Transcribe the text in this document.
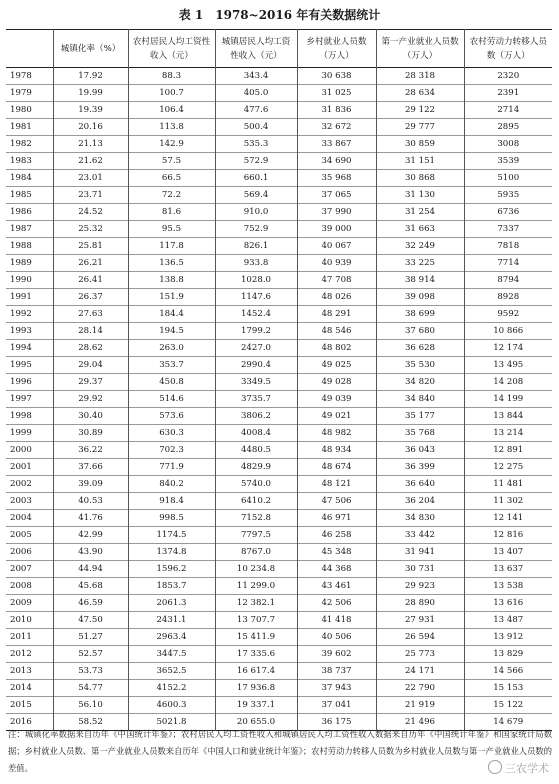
表 1　1978~2016 年有关数据统计
	城镇化率（%）	农村居民人均工资性收入（元）	城镇居民人均工资性收入（元）	乡村就业人员数（万人）	第一产业就业人员数（万人）	农村劳动力转移人员数（万人）
1978	17.92	88.3	343.4	30 638	28 318	2320
1979	19.99	100.7	405.0	31 025	28 634	2391
1980	19.39	106.4	477.6	31 836	29 122	2714
1981	20.16	113.8	500.4	32 672	29 777	2895
1982	21.13	142.9	535.3	33 867	30 859	3008
1983	21.62	57.5	572.9	34 690	31 151	3539
1984	23.01	66.5	660.1	35 968	30 868	5100
1985	23.71	72.2	569.4	37 065	31 130	5935
1986	24.52	81.6	910.0	37 990	31 254	6736
1987	25.32	95.5	752.9	39 000	31 663	7337
1988	25.81	117.8	826.1	40 067	32 249	7818
1989	26.21	136.5	933.8	40 939	33 225	7714
1990	26.41	138.8	1028.0	47 708	38 914	8794
1991	26.37	151.9	1147.6	48 026	39 098	8928
1992	27.63	184.4	1452.4	48 291	38 699	9592
1993	28.14	194.5	1799.2	48 546	37 680	10 866
1994	28.62	263.0	2427.0	48 802	36 628	12 174
1995	29.04	353.7	2990.4	49 025	35 530	13 495
1996	29.37	450.8	3349.5	49 028	34 820	14 208
1997	29.92	514.6	3735.7	49 039	34 840	14 199
1998	30.40	573.6	3806.2	49 021	35 177	13 844
1999	30.89	630.3	4008.4	48 982	35 768	13 214
2000	36.22	702.3	4480.5	48 934	36 043	12 891
2001	37.66	771.9	4829.9	48 674	36 399	12 275
2002	39.09	840.2	5740.0	48 121	36 640	11 481
2003	40.53	918.4	6410.2	47 506	36 204	11 302
2004	41.76	998.5	7152.8	46 971	34 830	12 141
2005	42.99	1174.5	7797.5	46 258	33 442	12 816
2006	43.90	1374.8	8767.0	45 348	31 941	13 407
2007	44.94	1596.2	10 234.8	44 368	30 731	13 637
2008	45.68	1853.7	11 299.0	43 461	29 923	13 538
2009	46.59	2061.3	12 382.1	42 506	28 890	13 616
2010	47.50	2431.1	13 707.7	41 418	27 931	13 487
2011	51.27	2963.4	15 411.9	40 506	26 594	13 912
2012	52.57	3447.5	17 335.6	39 602	25 773	13 829
2013	53.73	3652.5	16 617.4	38 737	24 171	14 566
2014	54.77	4152.2	17 936.8	37 943	22 790	15 153
2015	56.10	4600.3	19 337.1	37 041	21 919	15 122
2016	58.52	5021.8	20 655.0	36 175	21 496	14 679
注：城镇化率数据来自历年《中国统计年鉴》；农村居民人均工资性收入和城镇居民人均工资性收入数据来自历年《中国统计年鉴》和国家统计局数据；乡村就业人员数、第一产业就业人员数来自历年《中国人口和就业统计年鉴》；农村劳动力转移人员数为乡村就业人员数与第一产业就业人员数的差值。	三农学术
